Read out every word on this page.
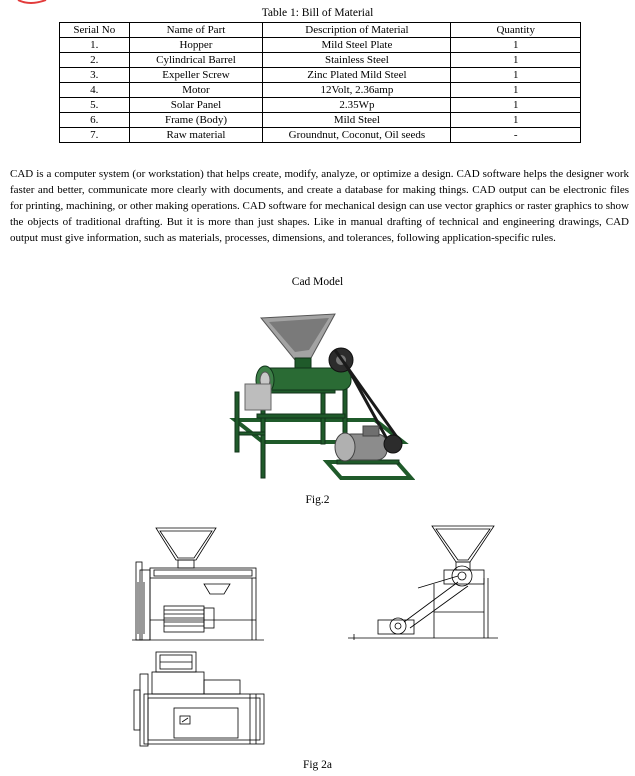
Table 1: Bill of Material
Serial No	Name of Part	Description of Material	Quantity
1.	Hopper	Mild Steel Plate	1
2.	Cylindrical Barrel	Stainless Steel	1
3.	Expeller Screw	Zinc Plated Mild Steel	1
4.	Motor	12Volt, 2.36amp	1
5.	Solar Panel	2.35Wp	1
6.	Frame (Body)	Mild Steel	1
7.	Raw material	Groundnut, Coconut, Oil seeds	-

CAD is a computer system (or workstation) that helps create, modify, analyze, or optimize a design. CAD software helps the designer work faster and better, communicate more clearly with documents, and create a database for making things. CAD output can be electronic files for printing, machining, or other making operations. CAD software for mechanical design can use vector graphics or raster graphics to show the objects of traditional drafting. But it is more than just shapes. Like in manual drafting of technical and engineering drawings, CAD output must give information, such as materials, processes, dimensions, and tolerances, following application-specific rules.

Cad Model
Fig.2
Fig 2a
